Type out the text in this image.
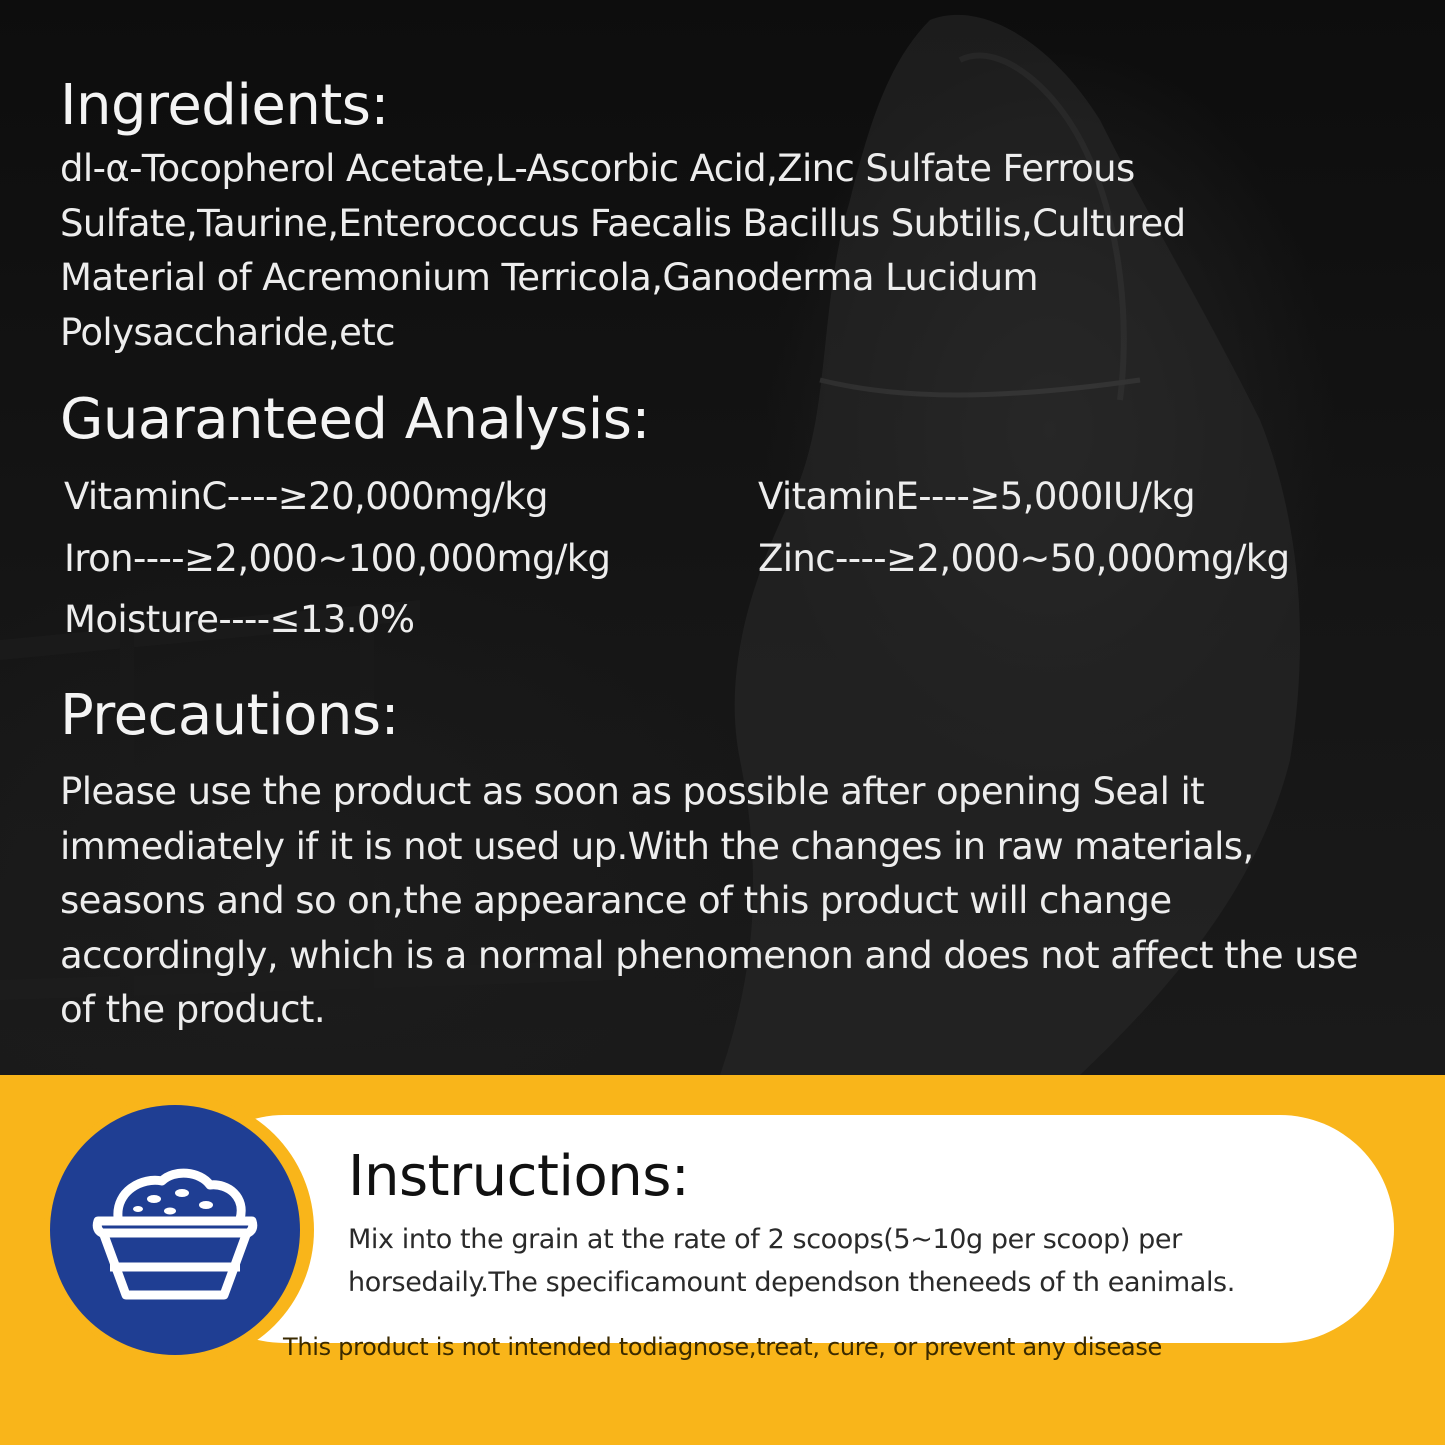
Ingredients:

dl-α-Tocopherol Acetate,L-Ascorbic Acid,Zinc Sulfate Ferrous Sulfate,Taurine,Enterococcus Faecalis Bacillus Subtilis,Cultured Material of Acremonium Terricola,Ganoderma Lucidum Polysaccharide,etc

Guaranteed Analysis:

VitaminC----≥20,000mg/kg	VitaminE----≥5,000IU/kg

Iron----≥2,000~100,000mg/kg	Zinc----≥2,000~50,000mg/kg

Moisture----≤13.0%

Precautions:

Please use the product as soon as possible after opening Seal it immediately if it is not used up.With the changes in raw materials, seasons and so on,the appearance of this product will change accordingly, which is a normal phenomenon and does not affect the use of the product.

Instructions:

Mix into the grain at the rate of 2 scoops(5~10g per scoop) per horsedaily.The specificamount dependson theneeds of th eanimals.

This product is not intended todiagnose,treat, cure, or prevent any disease
